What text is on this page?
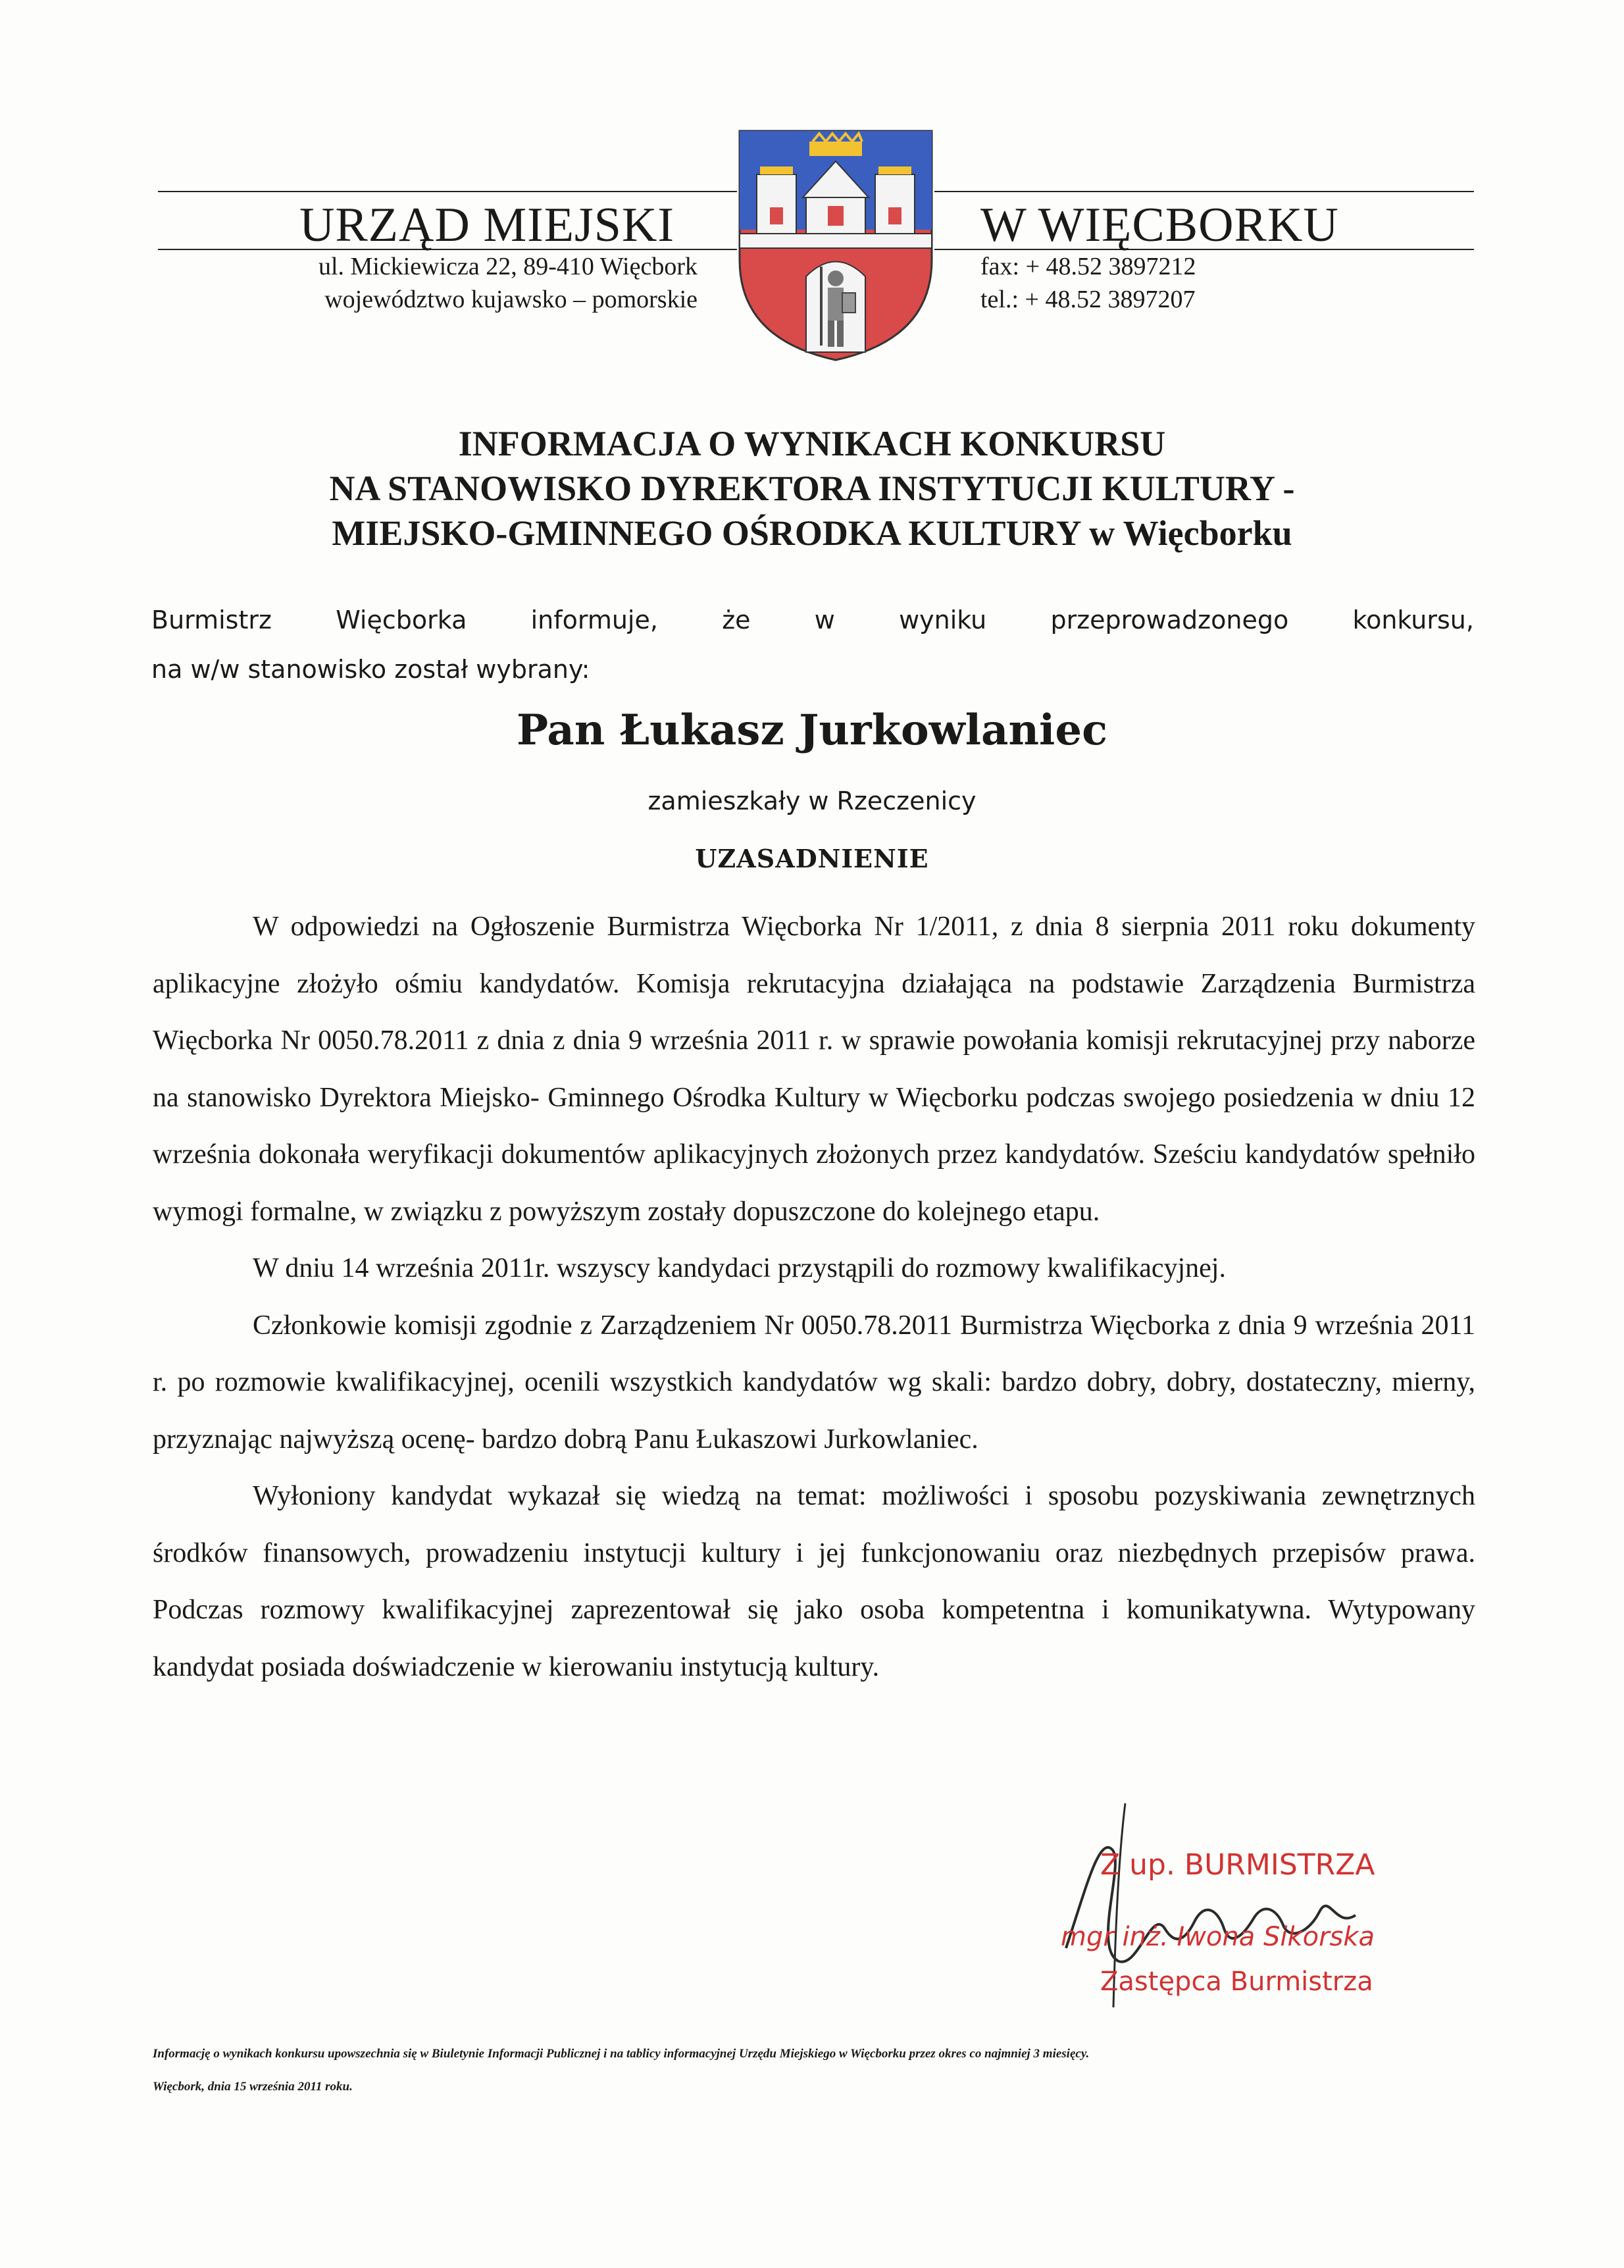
URZĄD MIEJSKI	W WIĘCBORKU
ul. Mickiewicza 22, 89-410 Więcbork
województwo kujawsko – pomorskie
fax: + 48.52 3897212
tel.: + 48.52 3897207
INFORMACJA O WYNIKACH KONKURSU
NA STANOWISKO DYREKTORA INSTYTUCJI KULTURY -
MIEJSKO-GMINNEGO OŚRODKA KULTURY w Więcborku
Burmistrz	Więcborka	informuje,	że	w	wyniku	przeprowadzonego	konkursu,
na w/w stanowisko został wybrany:
Pan Łukasz Jurkowlaniec
zamieszkały w Rzeczenicy
UZASADNIENIE

W odpowiedzi na Ogłoszenie Burmistrza Więcborka Nr 1/2011, z dnia 8 sierpnia 2011 roku dokumenty aplikacyjne złożyło ośmiu kandydatów. Komisja rekrutacyjna działająca na podstawie Zarządzenia Burmistrza Więcborka Nr 0050.78.2011 z dnia z dnia 9 września 2011 r. w sprawie powołania komisji rekrutacyjnej przy naborze na stanowisko Dyrektora Miejsko- Gminnego Ośrodka Kultury w Więcborku podczas swojego posiedzenia w dniu 12 września dokonała weryfikacji dokumentów aplikacyjnych złożonych przez kandydatów. Sześciu kandydatów spełniło wymogi formalne, w związku z powyższym zostały dopuszczone do kolejnego etapu.

W dniu 14 września 2011r. wszyscy kandydaci przystąpili do rozmowy kwalifikacyjnej.

Członkowie komisji zgodnie z Zarządzeniem Nr 0050.78.2011 Burmistrza Więcborka z dnia 9 września 2011 r. po rozmowie kwalifikacyjnej, ocenili wszystkich kandydatów wg skali: bardzo dobry, dobry, dostateczny, mierny, przyznając najwyższą ocenę- bardzo dobrą Panu Łukaszowi Jurkowlaniec.

Wyłoniony kandydat wykazał się wiedzą na temat: możliwości i sposobu pozyskiwania zewnętrznych środków finansowych, prowadzeniu instytucji kultury i jej funkcjonowaniu oraz niezbędnych przepisów prawa. Podczas rozmowy kwalifikacyjnej zaprezentował się jako osoba kompetentna i komunikatywna. Wytypowany kandydat posiada doświadczenie w kierowaniu instytucją kultury.

Z up. BURMISTRZA
mgr inż. Iwona Sikorska
Zastępca Burmistrza
Informację o wynikach konkursu upowszechnia się w Biuletynie Informacji Publicznej i na tablicy informacyjnej Urzędu Miejskiego w Więcborku przez okres co najmniej 3 miesięcy.
Więcbork, dnia 15 września 2011 roku.
